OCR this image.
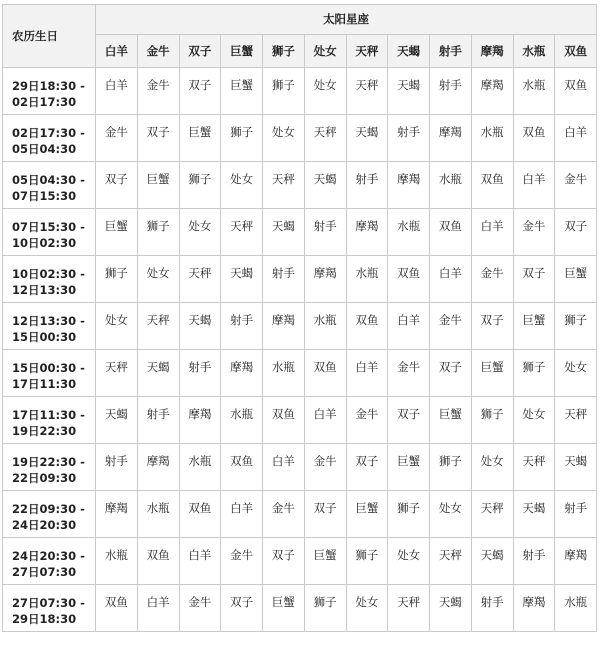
农历生日	太阳星座											
	白羊	金牛	双子	巨蟹	狮子	处女	天秤	天蝎	射手	摩羯	水瓶	双鱼

29日18:30 -
02日17:30	白羊	金牛	双子	巨蟹	狮子	处女	天秤	天蝎	射手	摩羯	水瓶	双鱼

02日17:30 -
05日04:30	金牛	双子	巨蟹	狮子	处女	天秤	天蝎	射手	摩羯	水瓶	双鱼	白羊

05日04:30 -
07日15:30	双子	巨蟹	狮子	处女	天秤	天蝎	射手	摩羯	水瓶	双鱼	白羊	金牛

07日15:30 -
10日02:30	巨蟹	狮子	处女	天秤	天蝎	射手	摩羯	水瓶	双鱼	白羊	金牛	双子

10日02:30 -
12日13:30	狮子	处女	天秤	天蝎	射手	摩羯	水瓶	双鱼	白羊	金牛	双子	巨蟹

12日13:30 -
15日00:30	处女	天秤	天蝎	射手	摩羯	水瓶	双鱼	白羊	金牛	双子	巨蟹	狮子

15日00:30 -
17日11:30	天秤	天蝎	射手	摩羯	水瓶	双鱼	白羊	金牛	双子	巨蟹	狮子	处女

17日11:30 -
19日22:30	天蝎	射手	摩羯	水瓶	双鱼	白羊	金牛	双子	巨蟹	狮子	处女	天秤

19日22:30 -
22日09:30	射手	摩羯	水瓶	双鱼	白羊	金牛	双子	巨蟹	狮子	处女	天秤	天蝎

22日09:30 -
24日20:30	摩羯	水瓶	双鱼	白羊	金牛	双子	巨蟹	狮子	处女	天秤	天蝎	射手

24日20:30 -
27日07:30	水瓶	双鱼	白羊	金牛	双子	巨蟹	狮子	处女	天秤	天蝎	射手	摩羯

27日07:30 -
29日18:30	双鱼	白羊	金牛	双子	巨蟹	狮子	处女	天秤	天蝎	射手	摩羯	水瓶
